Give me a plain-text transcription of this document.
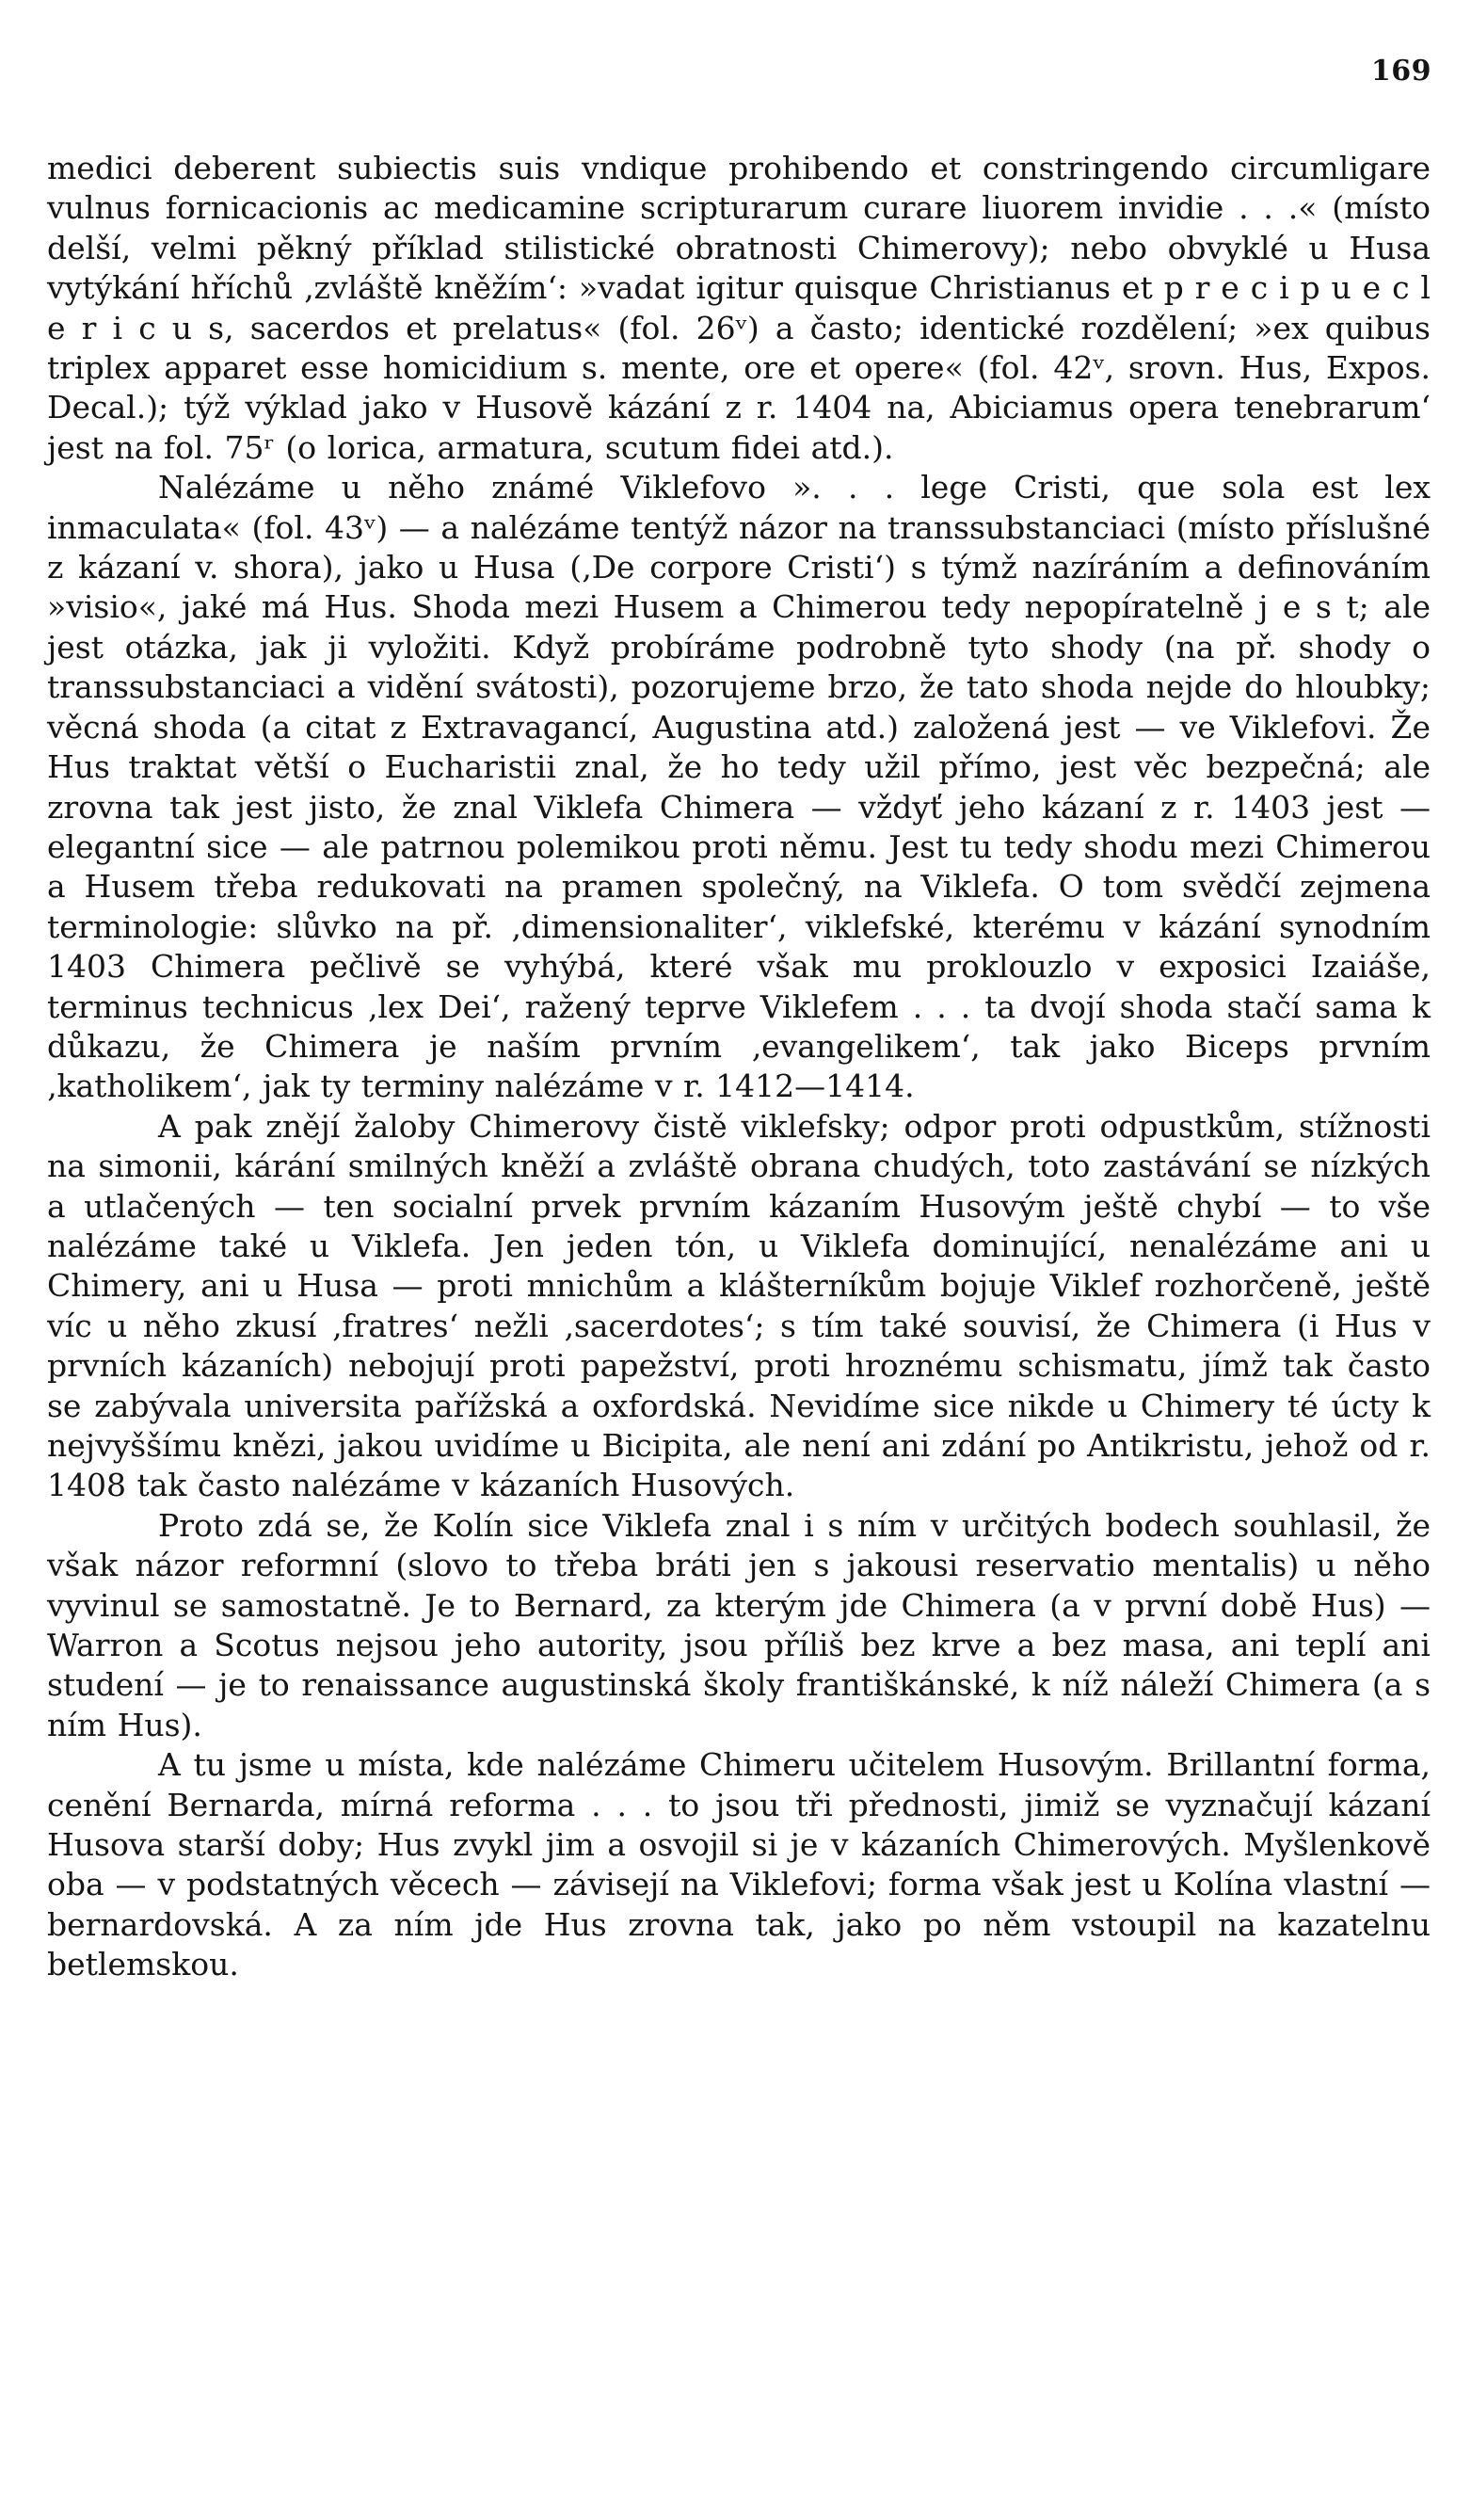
169

medici deberent subiectis suis vndique prohibendo et constringendo circumligare vulnus fornicacionis ac medicamine scripturarum curare liuorem invidie . . .« (místo delší, velmi pěkný příklad stilistické obratnosti Chimerovy); nebo obvyklé u Husa vytýkání hříchů ‚zvláště kněžím‘: »vadat igitur quisque Christianus et p r e c i p u e c l e r i c u s, sacerdos et prelatus« (fol. 26ᵛ) a často; identické rozdělení; »ex quibus triplex apparet esse homicidium s. mente, ore et opere« (fol. 42ᵛ, srovn. Hus, Expos. Decal.); týž výklad jako v Husově kázání z r. 1404 na, Abiciamus opera tenebrarum‘ jest na fol. 75ʳ (o lorica, armatura, scutum fidei atd.).

Nalézáme u něho známé Viklefovo ». . . lege Cristi, que sola est lex inmaculata« (fol. 43ᵛ) — a nalézáme tentýž názor na transsubstanciaci (místo příslušné z kázaní v. shora), jako u Husa (‚De corpore Cristi‘) s týmž nazíráním a definováním »visio«, jaké má Hus. Shoda mezi Husem a Chimerou tedy nepopíratelně j e s t; ale jest otázka, jak ji vyložiti. Když probíráme podrobně tyto shody (na př. shody o transsubstanciaci a vidění svátosti), pozorujeme brzo, že tato shoda nejde do hloubky; věcná shoda (a citat z Extravagancí, Augustina atd.) založená jest — ve Viklefovi. Že Hus traktat větší o Eucharistii znal, že ho tedy užil přímo, jest věc bezpečná; ale zrovna tak jest jisto, že znal Viklefa Chimera — vždyť jeho kázaní z r. 1403 jest — elegantní sice — ale patrnou polemikou proti němu. Jest tu tedy shodu mezi Chimerou a Husem třeba redukovati na pramen společný, na Viklefa. O tom svědčí zejmena terminologie: slůvko na př. ‚dimensionaliter‘, viklefské, kterému v kázání synodním 1403 Chimera pečlivě se vyhýbá, které však mu proklouzlo v exposici Izaiáše, terminus technicus ‚lex Dei‘, ražený teprve Viklefem . . . ta dvojí shoda stačí sama k důkazu, že Chimera je naším prvním ‚evangelikem‘, tak jako Biceps prvním ‚katholikem‘, jak ty terminy nalézáme v r. 1412—1414.

A pak znějí žaloby Chimerovy čistě viklefsky; odpor proti odpustkům, stížnosti na simonii, kárání smilných kněží a zvláště obrana chudých, toto zastávání se nízkých a utlačených — ten socialní prvek prvním kázaním Husovým ještě chybí — to vše nalézáme také u Viklefa. Jen jeden tón, u Viklefa dominující, nenalézáme ani u Chimery, ani u Husa — proti mnichům a klášterníkům bojuje Viklef rozhorčeně, ještě víc u něho zkusí ‚fratres‘ nežli ‚sacerdotes‘; s tím také souvisí, že Chimera (i Hus v prvních kázaních) nebojují proti papežství, proti hroznému schismatu, jímž tak často se zabývala universita pařížská a oxfordská. Nevidíme sice nikde u Chimery té úcty k nejvyššímu knězi, jakou uvidíme u Bicipita, ale není ani zdání po Antikristu, jehož od r. 1408 tak často nalézáme v kázaních Husových.

Proto zdá se, že Kolín sice Viklefa znal i s ním v určitých bodech souhlasil, že však názor reformní (slovo to třeba bráti jen s jakousi reservatio mentalis) u něho vyvinul se samostatně. Je to Bernard, za kterým jde Chimera (a v první době Hus) — Warron a Scotus nejsou jeho autority, jsou příliš bez krve a bez masa, ani teplí ani studení — je to renaissance augustinská školy františkánské, k níž náleží Chimera (a s ním Hus).

A tu jsme u místa, kde nalézáme Chimeru učitelem Husovým. Brillantní forma, cenění Bernarda, mírná reforma . . . to jsou tři přednosti, jimiž se vyznačují kázaní Husova starší doby; Hus zvykl jim a osvojil si je v kázaních Chimerových. Myšlenkově oba — v podstatných věcech — závisejí na Viklefovi; forma však jest u Kolína vlastní — bernardovská. A za ním jde Hus zrovna tak, jako po něm vstoupil na kazatelnu betlemskou.
